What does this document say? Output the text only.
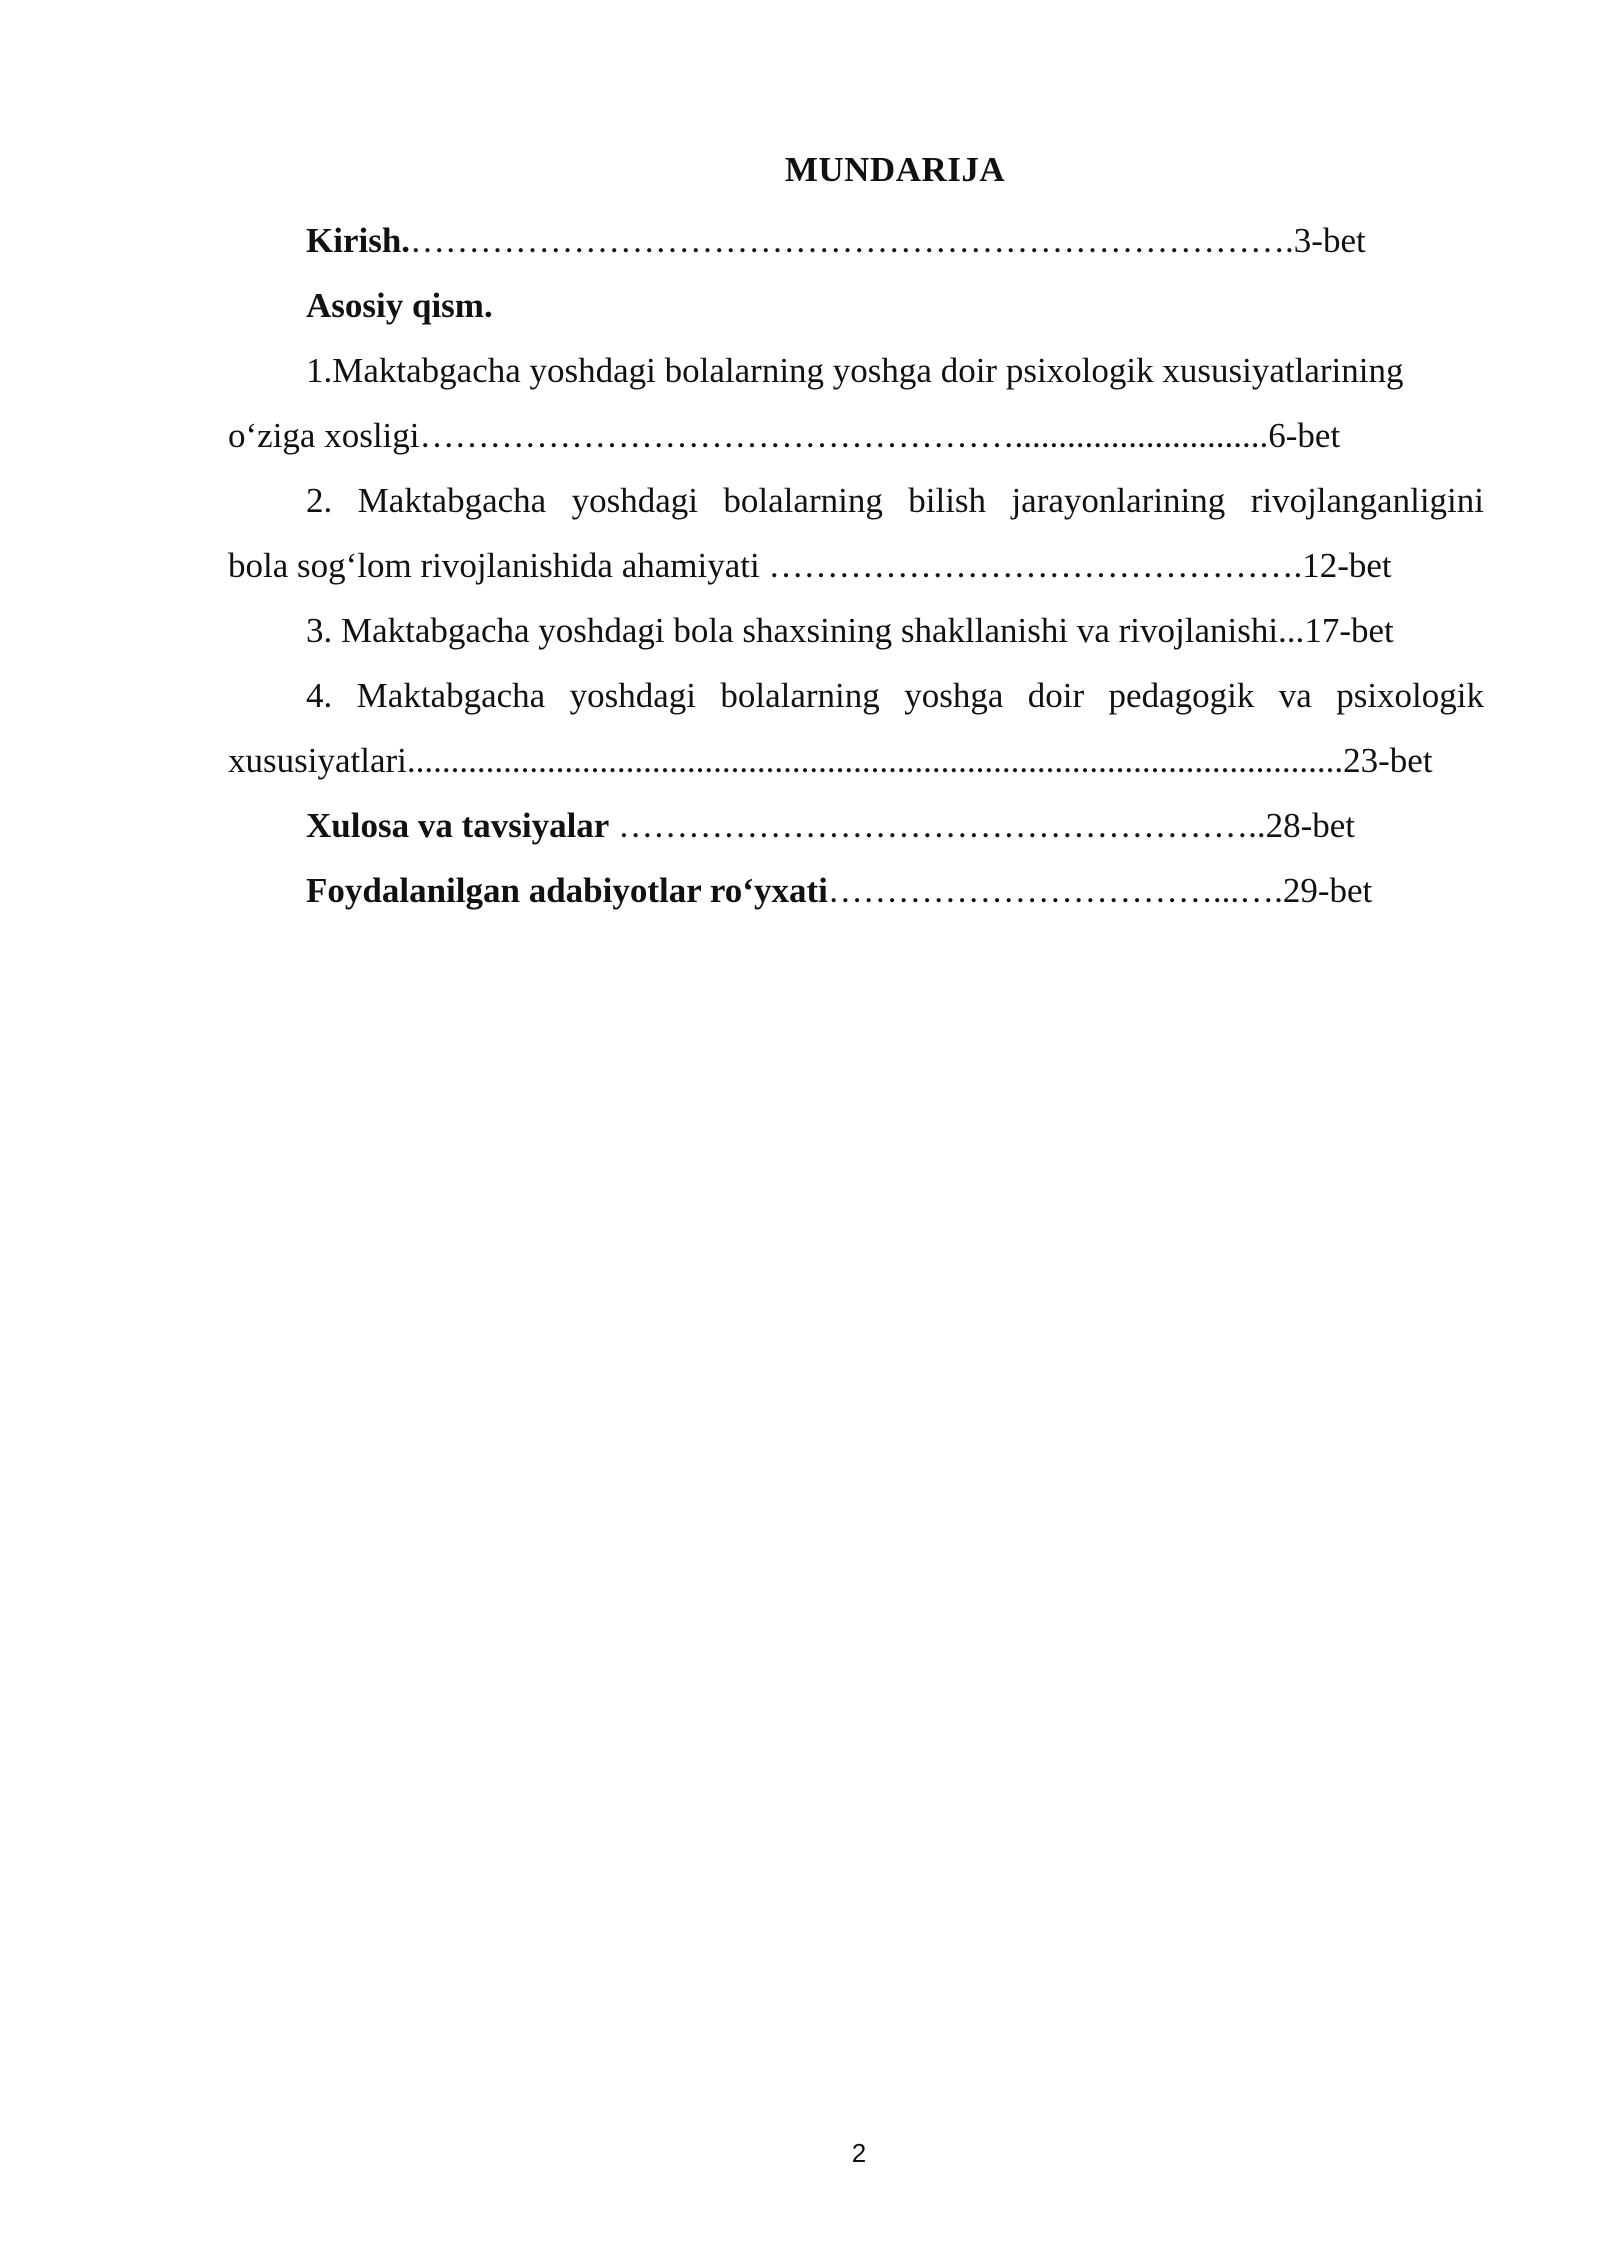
MUNDARIJA
Kirish.………………………………………………………………….3-bet
Asosiy qism.
1.Maktabgacha yoshdagi bolalarning yoshga doir psixologik xususiyatlarining
o‘ziga xosligi…………………………………………….............................6-bet
2. Maktabgacha yoshdagi bolalarning bilish jarayonlarining rivojlanganligini
bola sog‘lom rivojlanishida ahamiyati ……………………………………….12-bet
3. Maktabgacha yoshdagi bola shaxsining shakllanishi va rivojlanishi...17-bet
4. Maktabgacha yoshdagi bolalarning yoshga doir pedagogik va psixologik
xususiyatlari...........................................................................................................23-bet
Xulosa va tavsiyalar ………………………………………………..28-bet
Foydalanilgan adabiyotlar ro‘yxati……………………………...….29-bet
2
